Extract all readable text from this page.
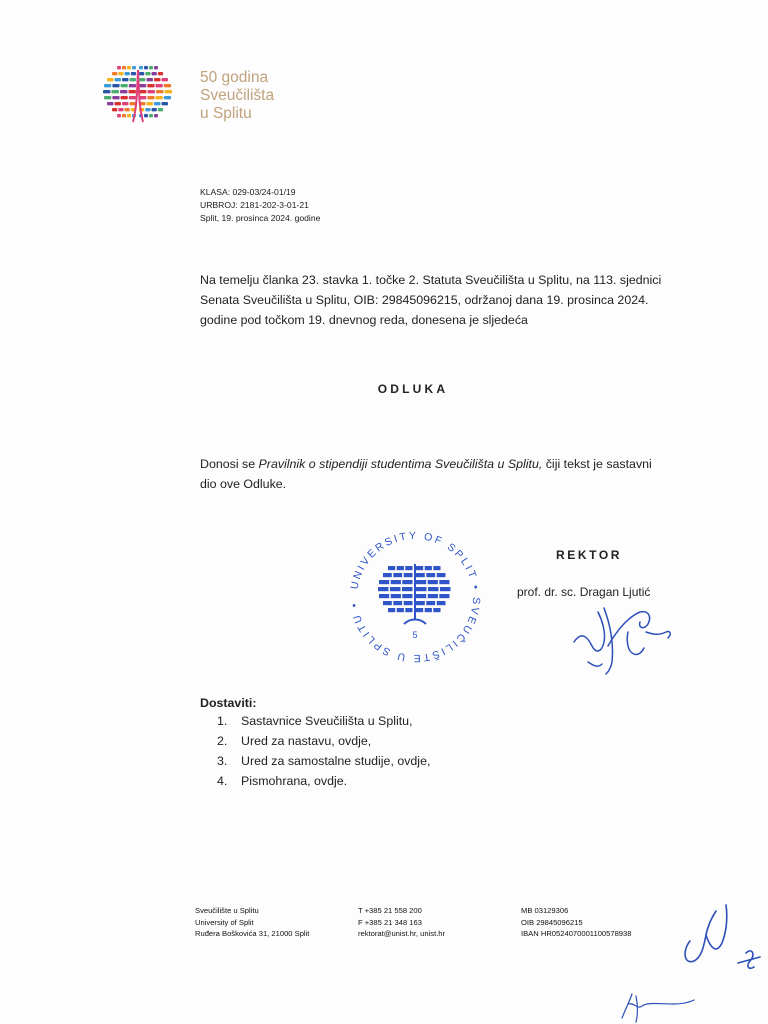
50 godina
Sveučilišta
u Splitu
KLASA: 029-03/24-01/19
URBROJ: 2181-202-3-01-21
Split, 19. prosinca 2024. godine
Na temelju članka 23. stavka 1. točke 2. Statuta Sveučilišta u Splitu, na 113. sjednici Senata Sveučilišta u Splitu, OIB: 29845096215, održanoj dana 19. prosinca 2024. godine pod točkom 19. dnevnog reda, donesena je sljedeća
ODLUKA
Donosi se Pravilnik o stipendiji studentima Sveučilišta u Splitu, čiji tekst je sastavni dio ove Odluke.
UNIVERSITY OF SPLIT • SVEUČILIŠTE U SPLITU •
5
REKTOR
prof. dr. sc. Dragan Ljutić
Dostaviti:
1.	Sastavnice Sveučilišta u Splitu,
2.	Ured za nastavu, ovdje,
3.	Ured za samostalne studije, ovdje,
4.	Pismohrana, ovdje.
Sveučilište u Splitu
University of Split
Ruđera Boškovića 31, 21000 Split
T +385 21 558 200
F +385 21 348 163
rektorat@unist.hr, unist.hr
MB 03129306
OIB 29845096215
IBAN HR0524070001100578938
